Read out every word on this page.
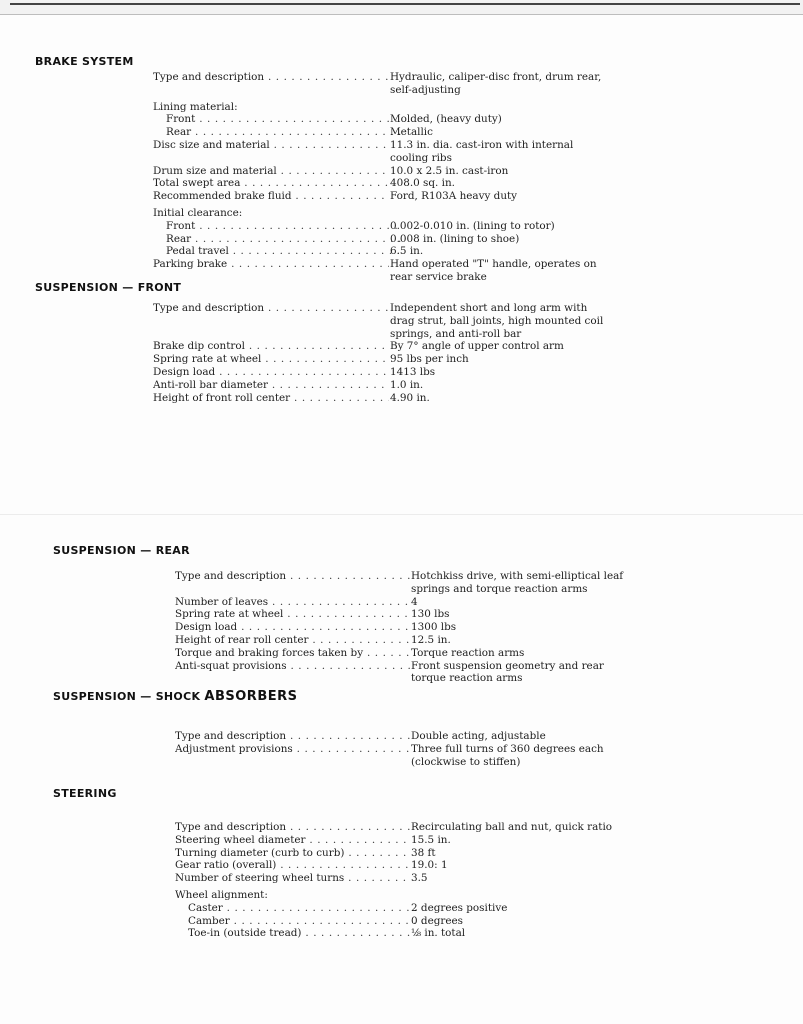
BRAKE SYSTEM
Type and description . . .	Hydraulic, caliper-disc front, drum rear,
self-adjusting
Lining material:
Front . . .	Molded, (heavy duty)
Rear . . .	Metallic
Disc size and material . . .	11.3 in. dia. cast-iron with internal
cooling ribs
Drum size and material . . .	10.0 x 2.5 in. cast-iron
Total swept area . . .	408.0 sq. in.
Recommended brake fluid . . .	Ford, R103A heavy duty
Initial clearance:
Front . . .	0.002-0.010 in. (lining to rotor)
Rear . . .	0.008 in. (lining to shoe)
Pedal travel . . .	6.5 in.
Parking brake . . .	Hand operated "T" handle, operates on
rear service brake
SUSPENSION — FRONT
Type and description . . .	Independent short and long arm with
drag strut, ball joints, high mounted coil
springs, and anti-roll bar
Brake dip control . . .	By 7° angle of upper control arm
Spring rate at wheel . . .	95 lbs per inch
Design load . . .	1413 lbs
Anti-roll bar diameter . . .	1.0 in.
Height of front roll center . . .	4.90 in.
SUSPENSION — REAR
Type and description . . .	Hotchkiss drive, with semi-elliptical leaf
springs and torque reaction arms
Number of leaves . . .	4
Spring rate at wheel . . .	130 lbs
Design load . . .	1300 lbs
Height of rear roll center . . .	12.5 in.
Torque and braking forces taken by . . .	Torque reaction arms
Anti-squat provisions . . .	Front suspension geometry and rear
torque reaction arms
SUSPENSION — SHOCK ABSORBERS
Type and description . . .	Double acting, adjustable
Adjustment provisions . . .	Three full turns of 360 degrees each
(clockwise to stiffen)
STEERING
Type and description . . .	Recirculating ball and nut, quick ratio
Steering wheel diameter . . .	15.5 in.
Turning diameter (curb to curb) . . .	38 ft
Gear ratio (overall) . . .	19.0: 1
Number of steering wheel turns . . .	3.5
Wheel alignment:
Caster . . .	2 degrees positive
Camber . . .	0 degrees
Toe-in (outside tread) . . .	⅛ in. total
